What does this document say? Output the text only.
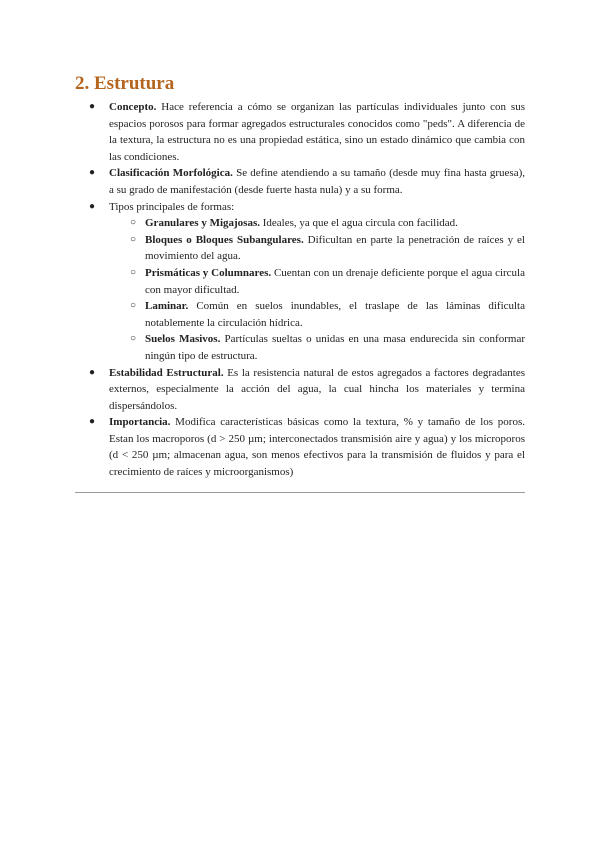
2. Estrutura
● Concepto. Hace referencia a cómo se organizan las partículas individuales junto con sus espacios porosos para formar agregados estructurales conocidos como "peds". A diferencia de la textura, la estructura no es una propiedad estática, sino un estado dinámico que cambia con las condiciones.
● Clasificación Morfológica. Se define atendiendo a su tamaño (desde muy fina hasta gruesa), a su grado de manifestación (desde fuerte hasta nula) y a su forma.
● Tipos principales de formas:
○ Granulares y Migajosas. Ideales, ya que el agua circula con facilidad.
○ Bloques o Bloques Subangulares. Dificultan en parte la penetración de raíces y el movimiento del agua.
○ Prismáticas y Columnares. Cuentan con un drenaje deficiente porque el agua circula con mayor dificultad.
○ Laminar. Común en suelos inundables, el traslape de las láminas dificulta notablemente la circulación hídrica.
○ Suelos Masivos. Partículas sueltas o unidas en una masa endurecida sin conformar ningún tipo de estructura.
● Estabilidad Estructural. Es la resistencia natural de estos agregados a factores degradantes externos, especialmente la acción del agua, la cual hincha los materiales y termina dispersándolos.
● Importancia. Modifica características básicas como la textura, % y tamaño de los poros. Estan los macroporos (d > 250 µm; interconectados transmisión aire y agua) y los microporos (d < 250 µm; almacenan agua, son menos efectivos para la transmisión de fluidos y para el crecimiento de raíces y microorganismos)
